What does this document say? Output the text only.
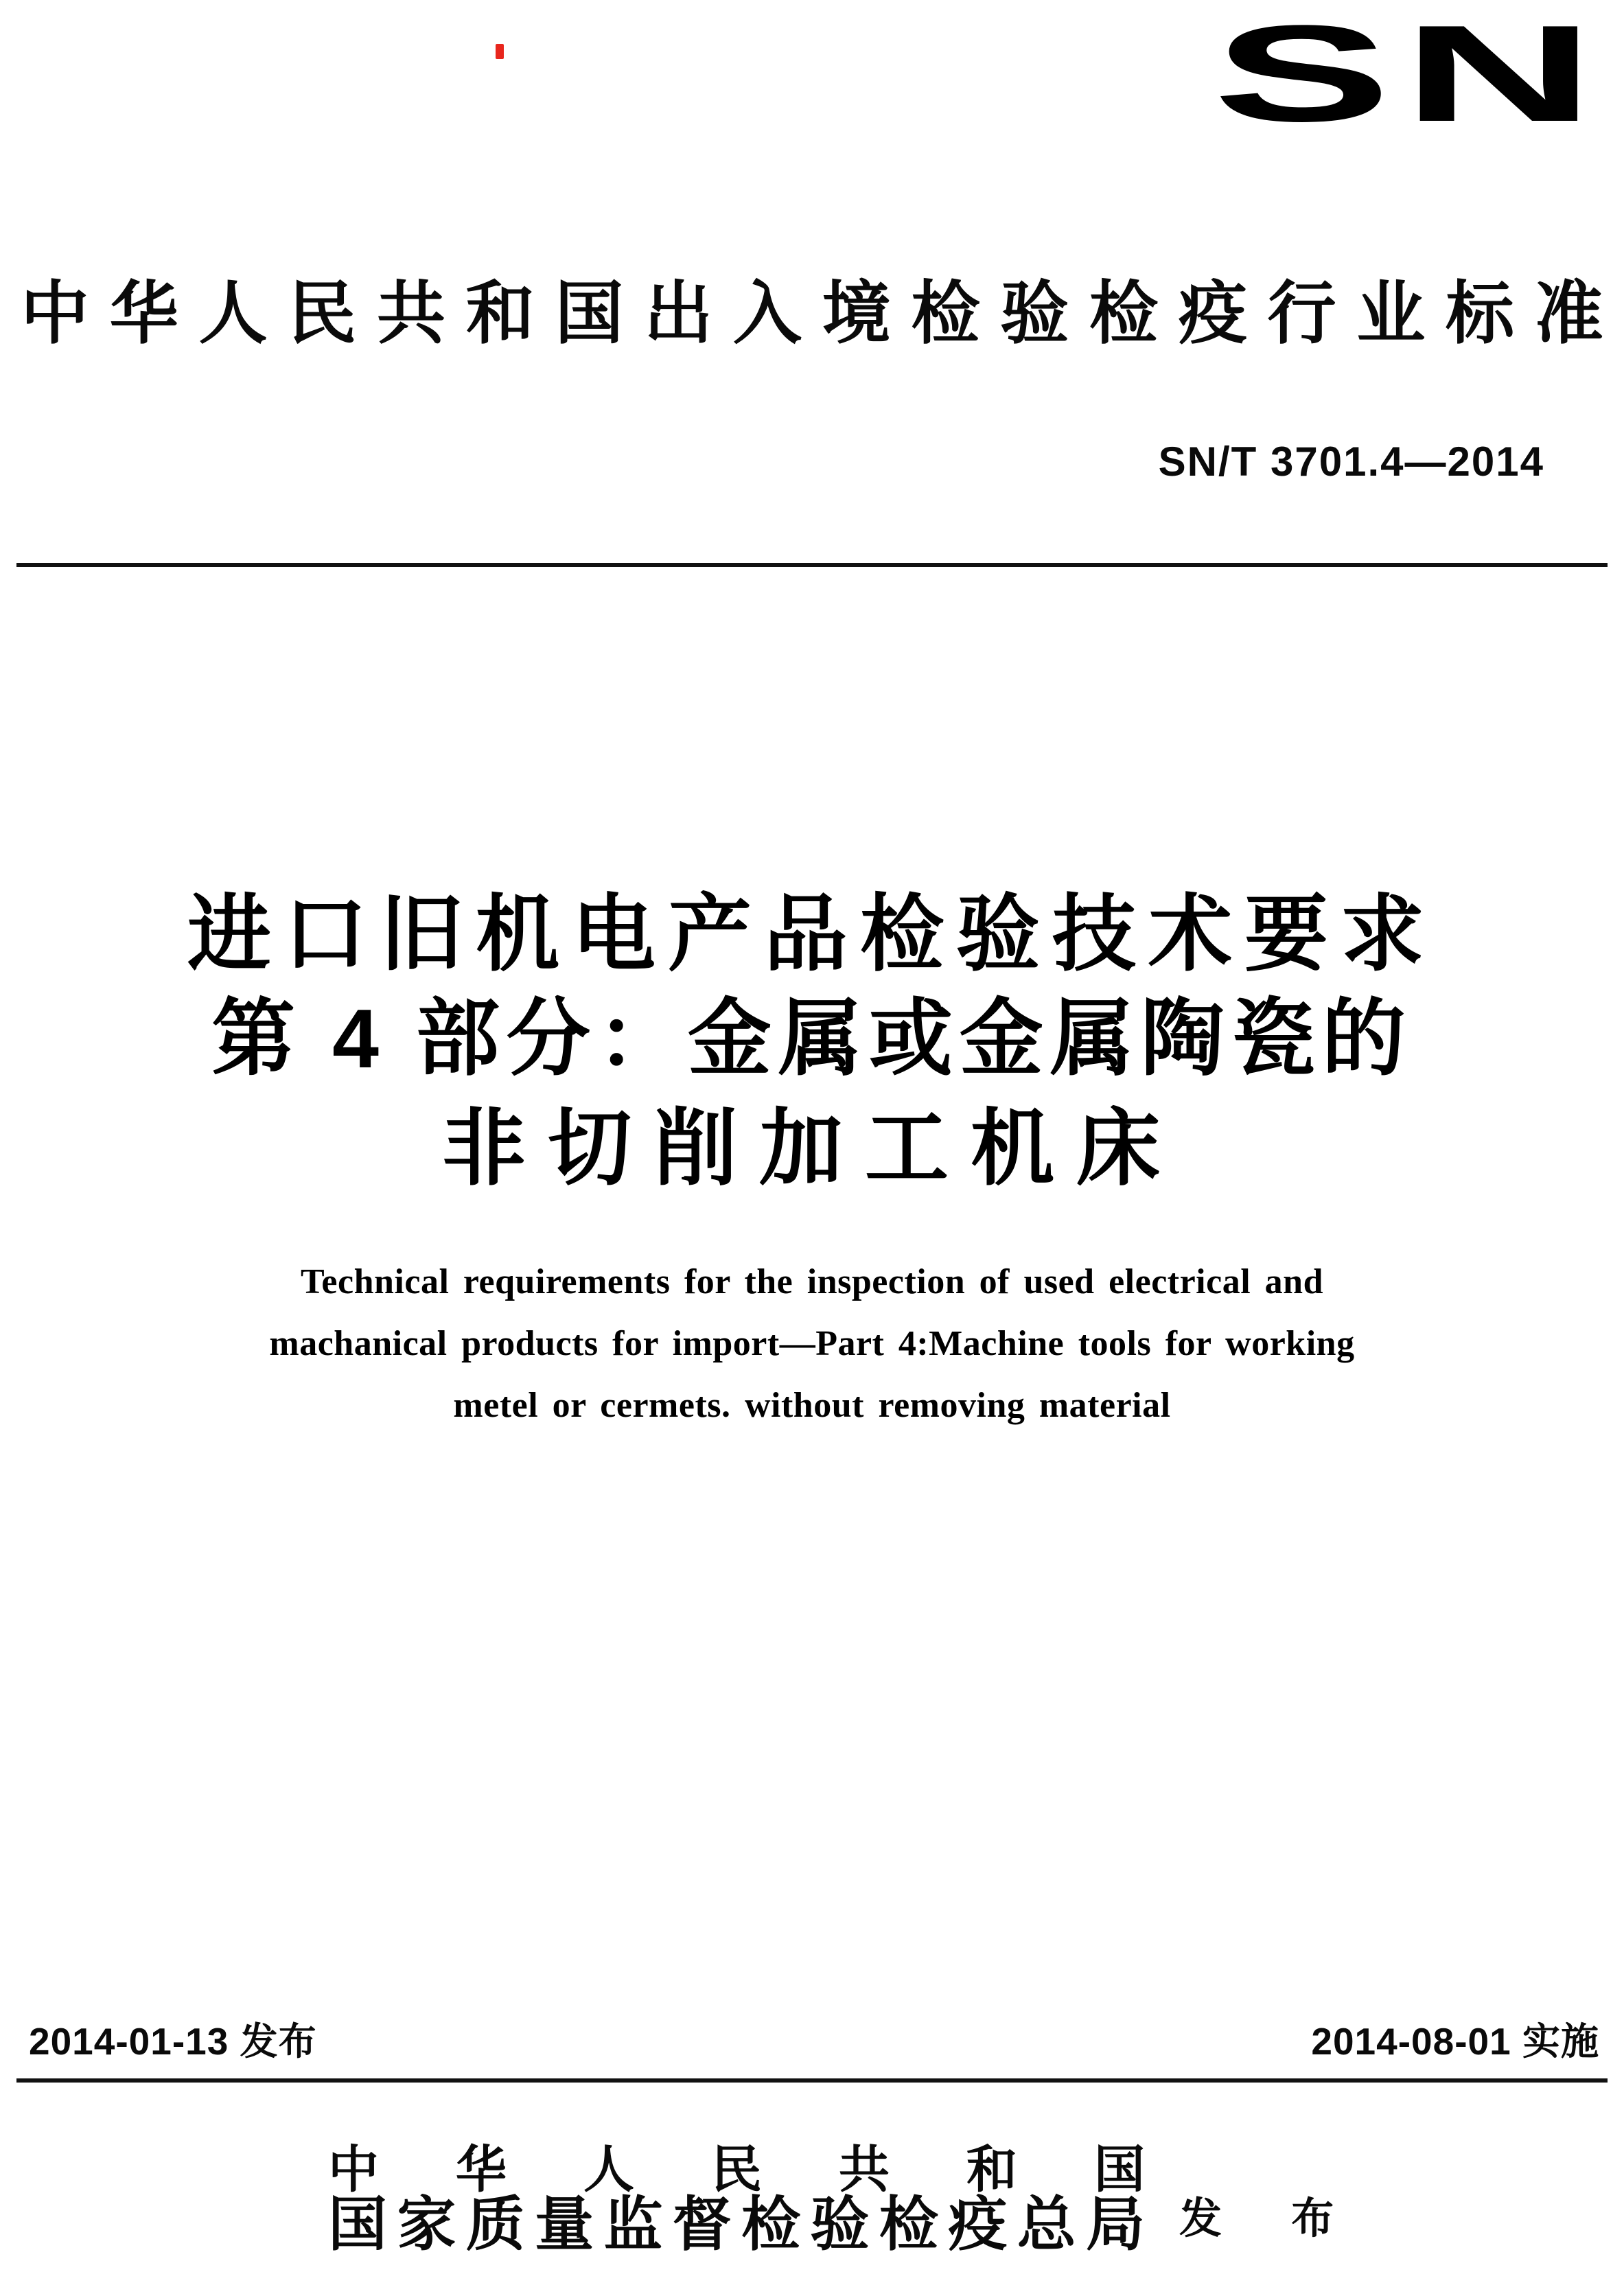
SN
中 华 人 民 共 和 国 出 入 境 检 验 检 疫 行 业 标 准
SN/T 3701.4—2014
进口旧机电产品检验技术要求
第 4 部分：金属或金属陶瓷的
非切削加工机床
Technical requirements for the inspection of used electrical and
machanical products for import—Part 4:Machine tools for working
metel or cermets. without removing material
2014-01-13 发布	2014-08-01 实施
中 华 人 民 共 和 国
国 家 质 量 监 督 检 验 检 疫 总 局 发 布
